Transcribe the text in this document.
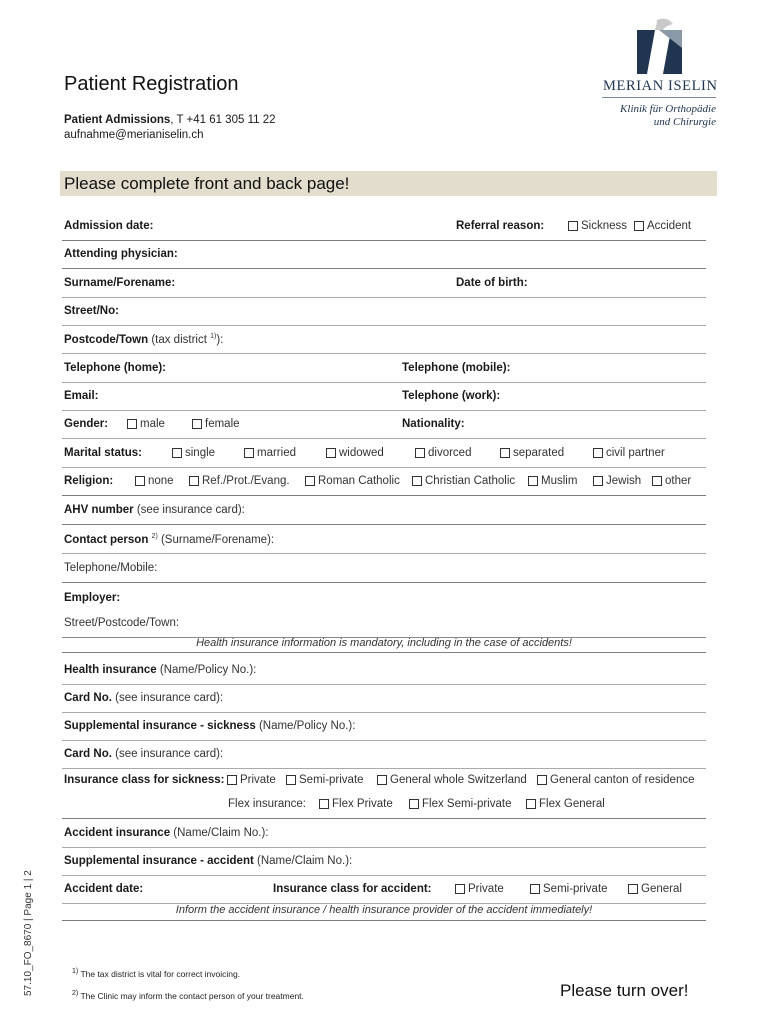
Patient Registration
Patient Admissions, T +41 61 305 11 22
aufnahme@merianiselin.ch
MERIAN ISELIN
Klinik für Orthopädie
und Chirurgie
Please complete front and back page!
Admission date:	Referral reason:	Sickness Accident
Attending physician:
Surname/Forename:	Date of birth:
Street/No:
Postcode/Town (tax district $^{1)}$):
Telephone (home):	Telephone (mobile):
Email:	Telephone (work):
Gender:	male	female	Nationality:
Marital status:	single	married	widowed	divorced	separated	civil partner
Religion:	none Ref./Prot./Evang. Roman Catholic Christian Catholic Muslim Jewish other
AHV number (see insurance card):
Contact person $^{2)}$ (Surname/Forename):
Telephone/Mobile:
Employer:
Street/Postcode/Town:
Health insurance information is mandatory, including in the case of accidents!
Health insurance (Name/Policy No.):
Card No. (see insurance card):
Supplemental insurance - sickness (Name/Policy No.):
Card No. (see insurance card):
Insurance class for sickness: Private Semi-private General whole Switzerland General canton of residence
Flex insurance: Flex Private	Flex Semi-private Flex General
Accident insurance (Name/Claim No.):
Supplemental insurance - accident (Name/Claim No.):
Accident date:	Insurance class for accident:	Private	Semi-private	General
Inform the accident insurance / health insurance provider of the accident immediately!
57.10_FO_8670 | Page 1 | 2	$^{1)}$ The tax district is vital for correct invoicing.
$^{2)}$ The Clinic may inform the contact person of your treatment.	Please turn over!
